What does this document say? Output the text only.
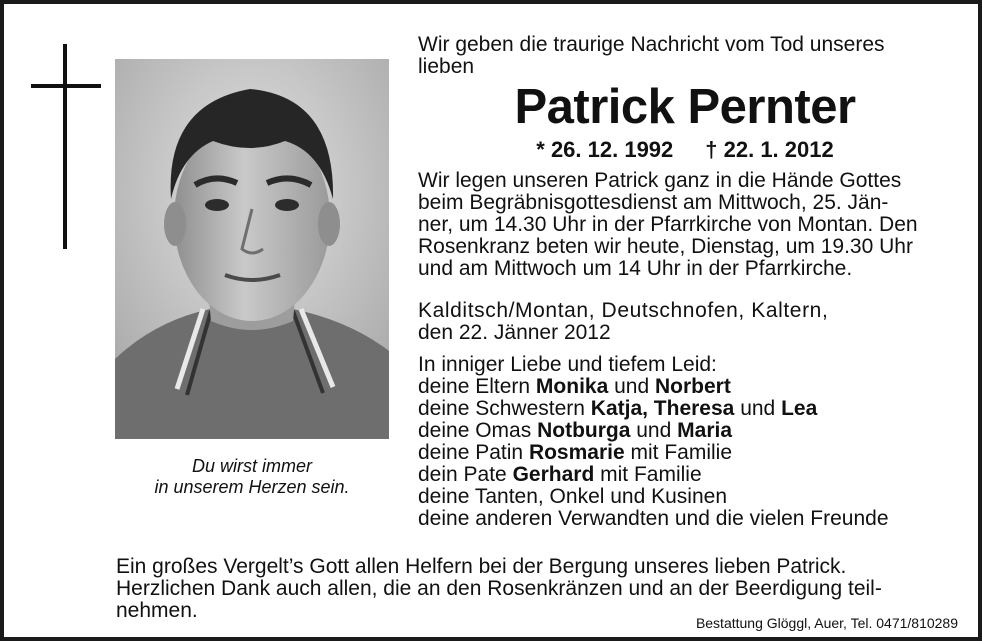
Du wirst immer
in unserem Herzen sein.
Wir geben die traurige Nachricht vom Tod unseres
lieben
Patrick Pernter
* 26. 12. 1992 † 22. 1. 2012
Wir legen unseren Patrick ganz in die Hände Gottes
beim Begräbnisgottesdienst am Mittwoch, 25. Jän-
ner, um 14.30 Uhr in der Pfarrkirche von Montan. Den
Rosenkranz beten wir heute, Dienstag, um 19.30 Uhr
und am Mittwoch um 14 Uhr in der Pfarrkirche.
Kalditsch/Montan, Deutschnofen, Kaltern,
den 22. Jänner 2012
In inniger Liebe und tiefem Leid:
deine Eltern Monika und Norbert
deine Schwestern Katja, Theresa und Lea
deine Omas Notburga und Maria
deine Patin Rosmarie mit Familie
dein Pate Gerhard mit Familie
deine Tanten, Onkel und Kusinen
deine anderen Verwandten und die vielen Freunde
Ein großes Vergelt’s Gott allen Helfern bei der Bergung unseres lieben Patrick.
Herzlichen Dank auch allen, die an den Rosenkränzen und an der Beerdigung teil-
nehmen.
Bestattung Glöggl, Auer, Tel. 0471/810289
